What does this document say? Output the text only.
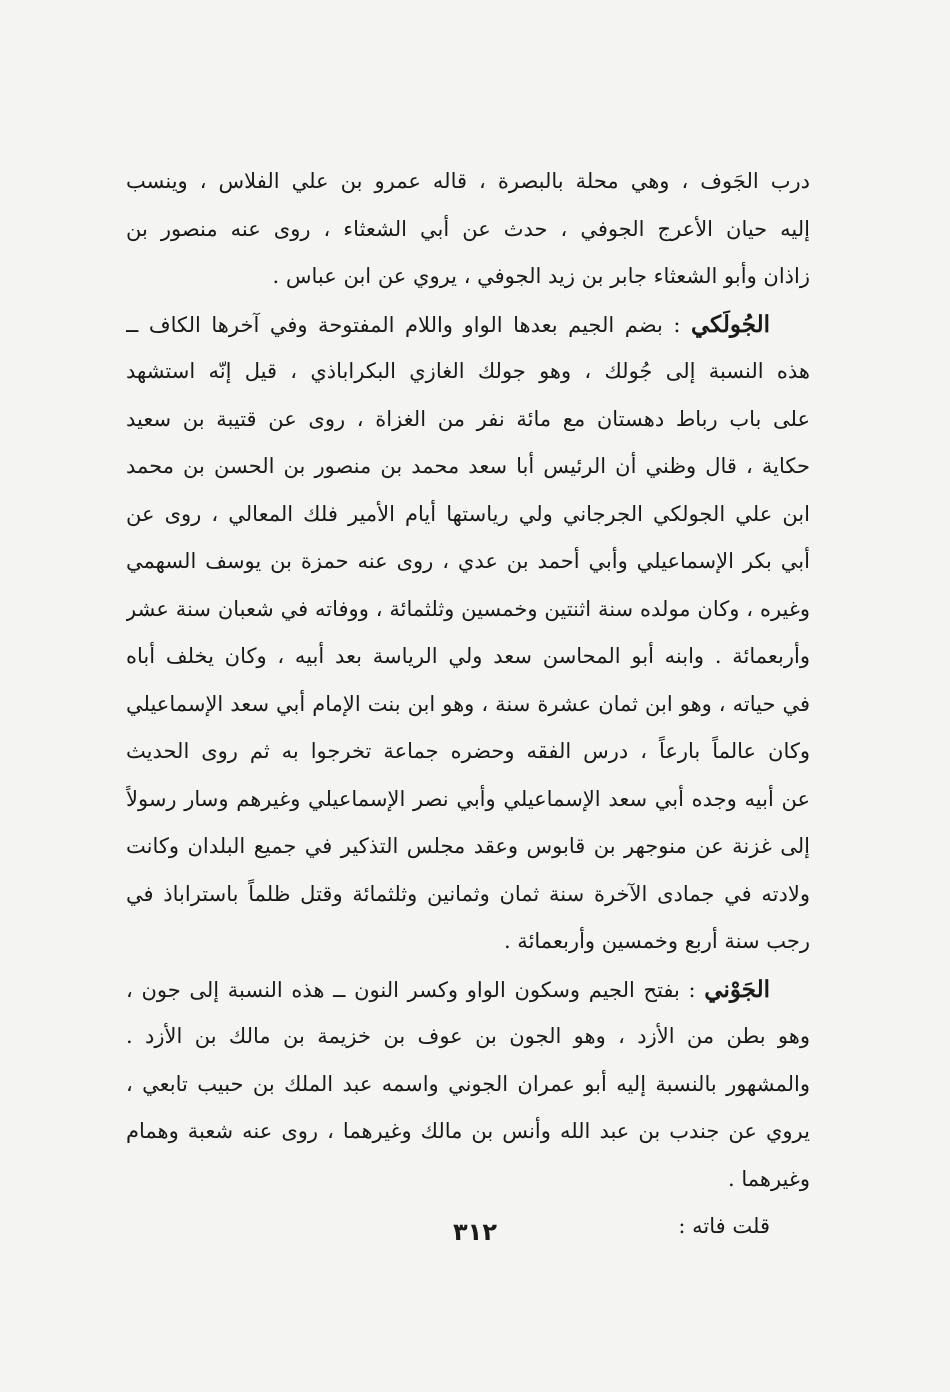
درب الجَوف ، وهي محلة بالبصرة ، قاله عمرو بن علي الفلاس ، وينسب
إليه حيان الأعرج الجوفي ، حدث عن أبي الشعثاء ، روى عنه منصور بن
زاذان وأبو الشعثاء جابر بن زيد الجوفي ، يروي عن ابن عباس .
الجُولَكي : بضم الجيم بعدها الواو واللام المفتوحة وفي آخرها الكاف ــ
هذه النسبة إلى جُولك ، وهو جولك الغازي البكراباذي ، قيل إنّه استشهد
على باب رباط دهستان مع مائة نفر من الغزاة ، روى عن قتيبة بن سعيد
حكاية ، قال وظني أن الرئيس أبا سعد محمد بن منصور بن الحسن بن محمد
ابن علي الجولكي الجرجاني ولي رياستها أيام الأمير فلك المعالي ، روى عن
أبي بكر الإسماعيلي وأبي أحمد بن عدي ، روى عنه حمزة بن يوسف السهمي
وغيره ، وكان مولده سنة اثنتين وخمسين وثلثمائة ، ووفاته في شعبان سنة عشر
وأربعمائة . وابنه أبو المحاسن سعد ولي الرياسة بعد أبيه ، وكان يخلف أباه
في حياته ، وهو ابن ثمان عشرة سنة ، وهو ابن بنت الإمام أبي سعد الإسماعيلي
وكان عالماً بارعاً ، درس الفقه وحضره جماعة تخرجوا به ثم روى الحديث
عن أبيه وجده أبي سعد الإسماعيلي وأبي نصر الإسماعيلي وغيرهم وسار رسولاً
إلى غزنة عن منوجهر بن قابوس وعقد مجلس التذكير في جميع البلدان وكانت
ولادته في جمادى الآخرة سنة ثمان وثمانين وثلثمائة وقتل ظلماً باستراباذ في
رجب سنة أربع وخمسين وأربعمائة .
الجَوْني : بفتح الجيم وسكون الواو وكسر النون ــ هذه النسبة إلى جون ،
وهو بطن من الأزد ، وهو الجون بن عوف بن خزيمة بن مالك بن الأزد .
والمشهور بالنسبة إليه أبو عمران الجوني واسمه عبد الملك بن حبيب تابعي ،
يروي عن جندب بن عبد الله وأنس بن مالك وغيرهما ، روى عنه شعبة وهمام
وغيرهما .
قلت فاته :
٣١٢
